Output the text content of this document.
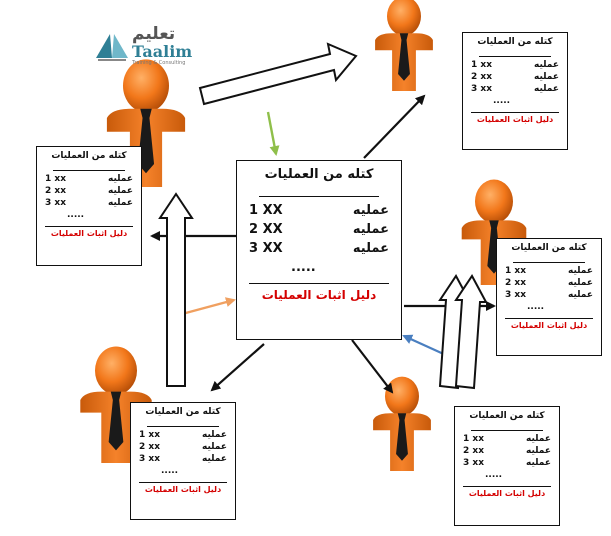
تعليم
Taalim
Training & Consulting
كتله من العمليات
عمليه
1 XX
عمليه
2 XX
عمليه
3 XX
.....
دليل اثبات العمليات
كتله من العمليات
عمليه
1 xx
عمليه
2 xx
عمليه
3 xx
.....
دليل اثبات العمليات
كتله من العمليات
عمليه
1 xx
عمليه
2 xx
عمليه
3 xx
.....
دليل اثبات العمليات
كتله من العمليات
عمليه
1 xx
عمليه
2 xx
عمليه
3 xx
.....
دليل اثبات العمليات
كتله من العمليات
عمليه
1 xx
عمليه
2 xx
عمليه
3 xx
.....
دليل اثبات العمليات
كتله من العمليات
عمليه
1 xx
عمليه
2 xx
عمليه
3 xx
.....
دليل اثبات العمليات
